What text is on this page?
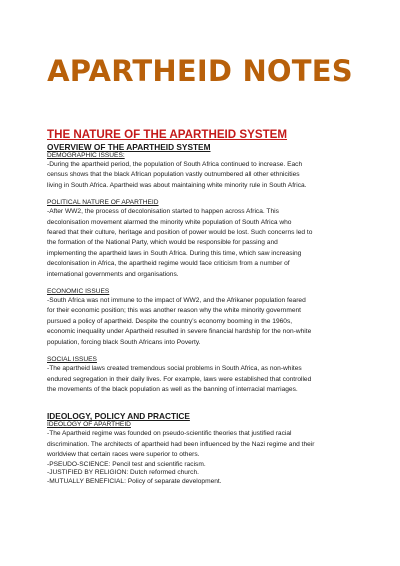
APARTHEID NOTES
THE NATURE OF THE APARTHEID SYSTEM
OVERVIEW OF THE APARTHEID SYSTEM
DEMOGRAPHIC ISSUES:

-During the apartheid period, the population of South Africa continued to increase. Each
census shows that the black African population vastly outnumbered all other ethnicities
living in South Africa. Apartheid was about maintaining white minority rule in South Africa.

POLITICAL NATURE OF APARTHEID

-After WW2, the process of decolonisation started to happen across Africa. This
decolonisation movement alarmed the minority white population of South Africa who
feared that their culture, heritage and position of power would be lost. Such concerns led to
the formation of the National Party, which would be responsible for passing and
implementing the apartheid laws in South Africa. During this time, which saw increasing
decolonisation in Africa, the apartheid regime would face criticism from a number of
international governments and organisations.

ECONOMIC ISSUES

-South Africa was not immune to the impact of WW2, and the Afrikaner population feared
for their economic position; this was another reason why the white minority government
pursued a policy of apartheid. Despite the country’s economy booming in the 1960s,
economic inequality under Apartheid resulted in severe financial hardship for the non-white
population, forcing black South Africans into Poverty.

SOCIAL ISSUES

-The apartheid laws created tremendous social problems in South Africa, as non-whites
endured segregation in their daily lives. For example, laws were established that controlled
the movements of the black population as well as the banning of interracial marriages.

IDEOLOGY, POLICY AND PRACTICE
IDEOLOGY OF APARTHEID

-The Apartheid regime was founded on pseudo-scientific theories that justified racial
discrimination. The architects of apartheid had been influenced by the Nazi regime and their
worldview that certain races were superior to others.

-PSEUDO-SCIENCE: Pencil test and scientific racism.

-JUSTIFIED BY RELIGION: Dutch reformed church.

-MUTUALLY BENEFICIAL: Policy of separate development.
